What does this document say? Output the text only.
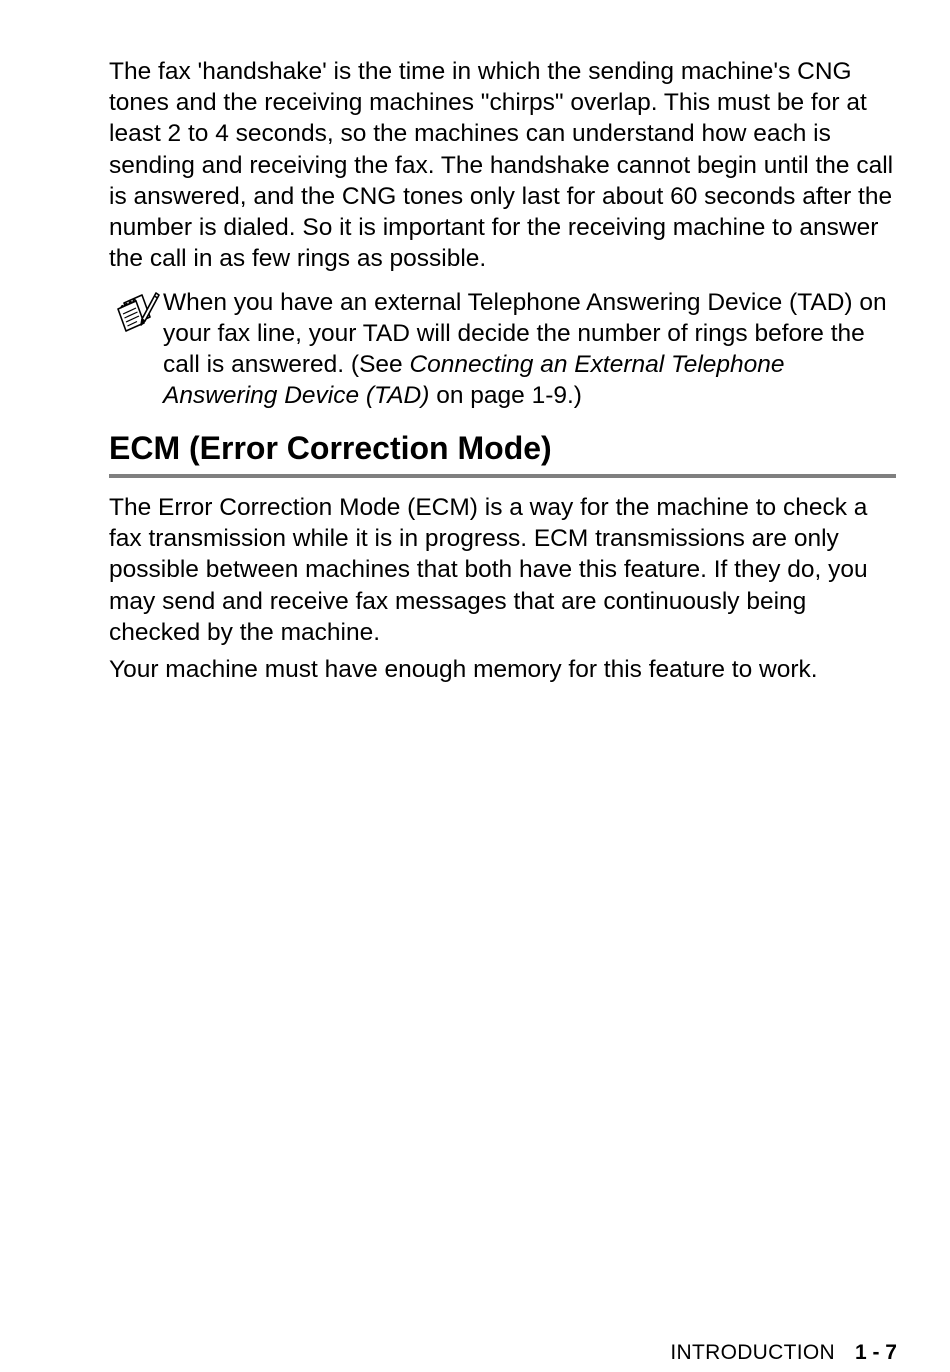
The fax 'handshake' is the time in which the sending machine's CNG tones and the receiving machines "chirps" overlap. This must be for at least 2 to 4 seconds, so the machines can understand how each is sending and receiving the fax. The handshake cannot begin until the call is answered, and the CNG tones only last for about 60 seconds after the number is dialed. So it is important for the receiving machine to answer the call in as few rings as possible.

When you have an external Telephone Answering Device (TAD) on your fax line, your TAD will decide the number of rings before the call is answered. (See Connecting an External Telephone Answering Device (TAD) on page 1-9.)

ECM (Error Correction Mode)

The Error Correction Mode (ECM) is a way for the machine to check a fax transmission while it is in progress. ECM transmissions are only possible between machines that both have this feature. If they do, you may send and receive fax messages that are continuously being checked by the machine.

Your machine must have enough memory for this feature to work.

INTRODUCTION 1 - 7
